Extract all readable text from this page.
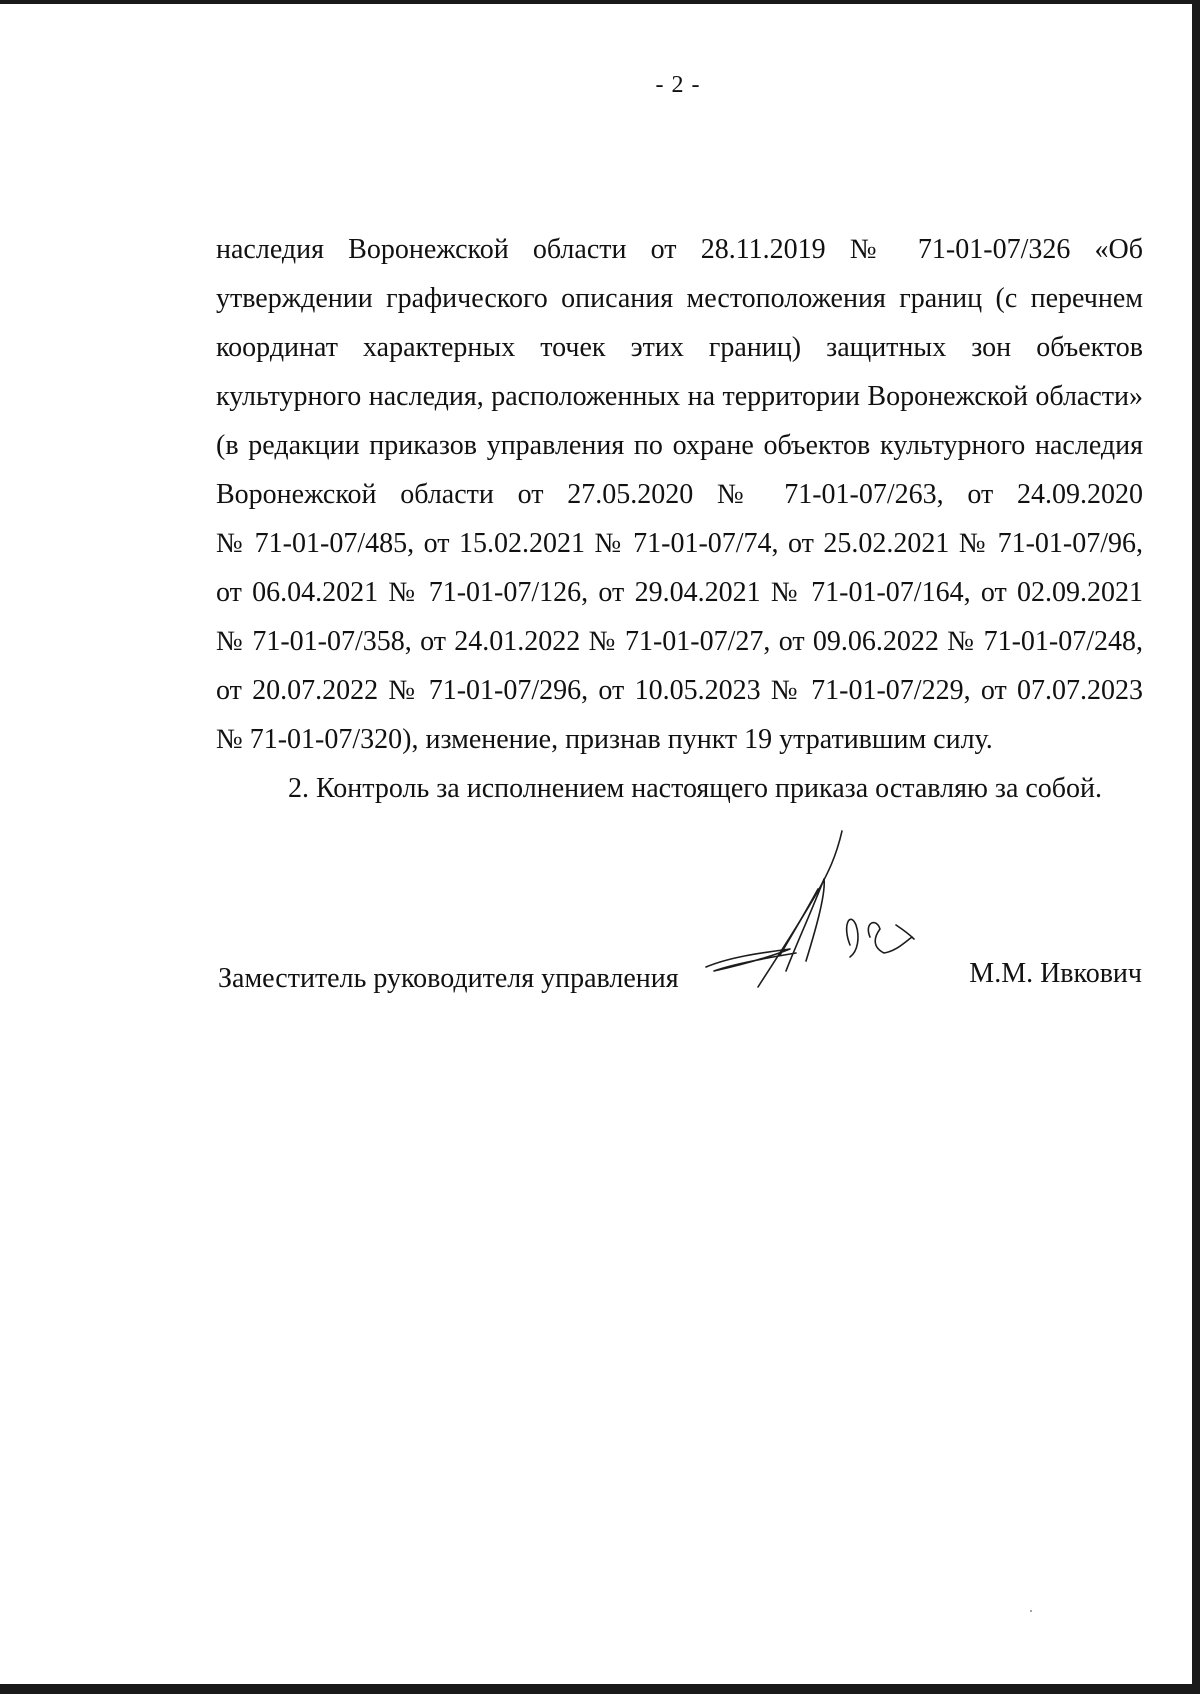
- 2 -

наследия Воронежской области от 28.11.2019 № 71-01-07/326 «Об

утверждении графического описания местоположения границ (с перечнем

координат характерных точек этих границ) защитных зон объектов

культурного наследия, расположенных на территории Воронежской области»

(в редакции приказов управления по охране объектов культурного наследия

Воронежской области от 27.05.2020 № 71-01-07/263, от 24.09.2020

№ 71-01-07/485, от 15.02.2021 № 71-01-07/74, от 25.02.2021 № 71-01-07/96,

от 06.04.2021 № 71-01-07/126, от 29.04.2021 № 71-01-07/164, от 02.09.2021

№ 71-01-07/358, от 24.01.2022 № 71-01-07/27, от 09.06.2022 № 71-01-07/248,

от 20.07.2022 № 71-01-07/296, от 10.05.2023 № 71-01-07/229, от 07.07.2023

№ 71-01-07/320), изменение, признав пункт 19 утратившим силу.

2. Контроль за исполнением настоящего приказа оставляю за собой.

Заместитель руководителя управления	М.М. Ивкович
